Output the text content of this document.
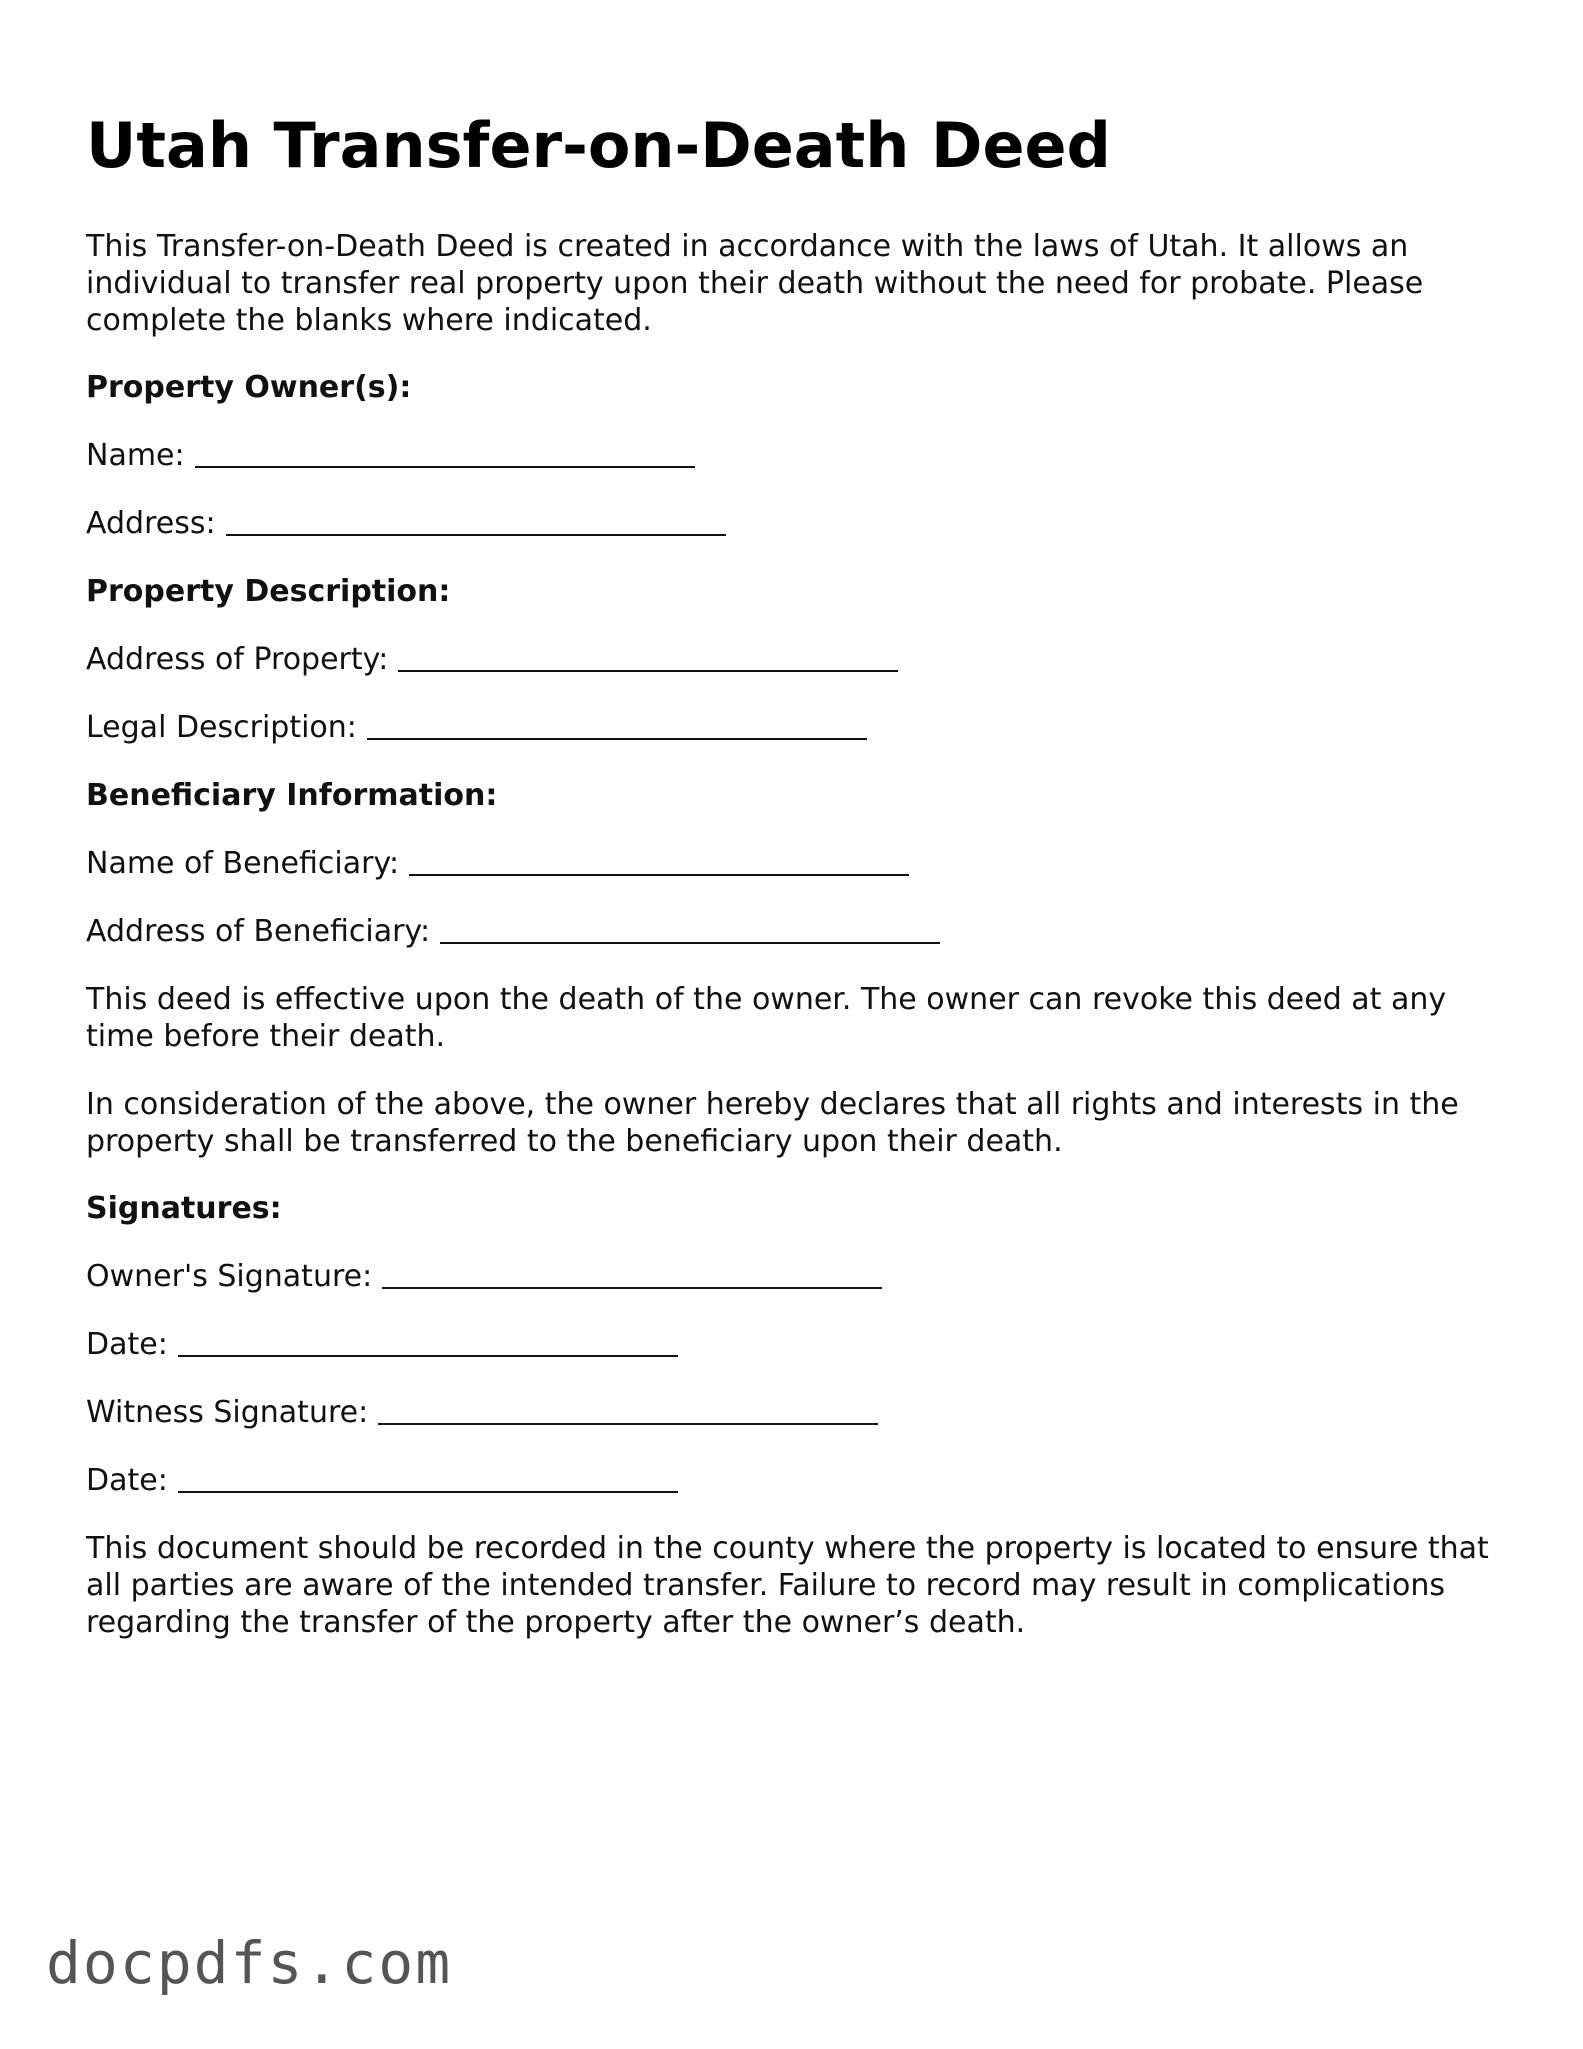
Utah Transfer-on-Death Deed

This Transfer-on-Death Deed is created in accordance with the laws of Utah. It allows an individual to transfer real property upon their death without the need for probate. Please complete the blanks where indicated.

Property Owner(s):
Name:
Address:
Property Description:
Address of Property:
Legal Description:
Beneficiary Information:
Name of Beneficiary:
Address of Beneficiary:

This deed is effective upon the death of the owner. The owner can revoke this deed at any time before their death.

In consideration of the above, the owner hereby declares that all rights and interests in the property shall be transferred to the beneficiary upon their death.

Signatures:
Owner's Signature:
Date:
Witness Signature:
Date:

This document should be recorded in the county where the property is located to ensure that all parties are aware of the intended transfer. Failure to record may result in complications regarding the transfer of the property after the owner’s death.

docpdfs.com
